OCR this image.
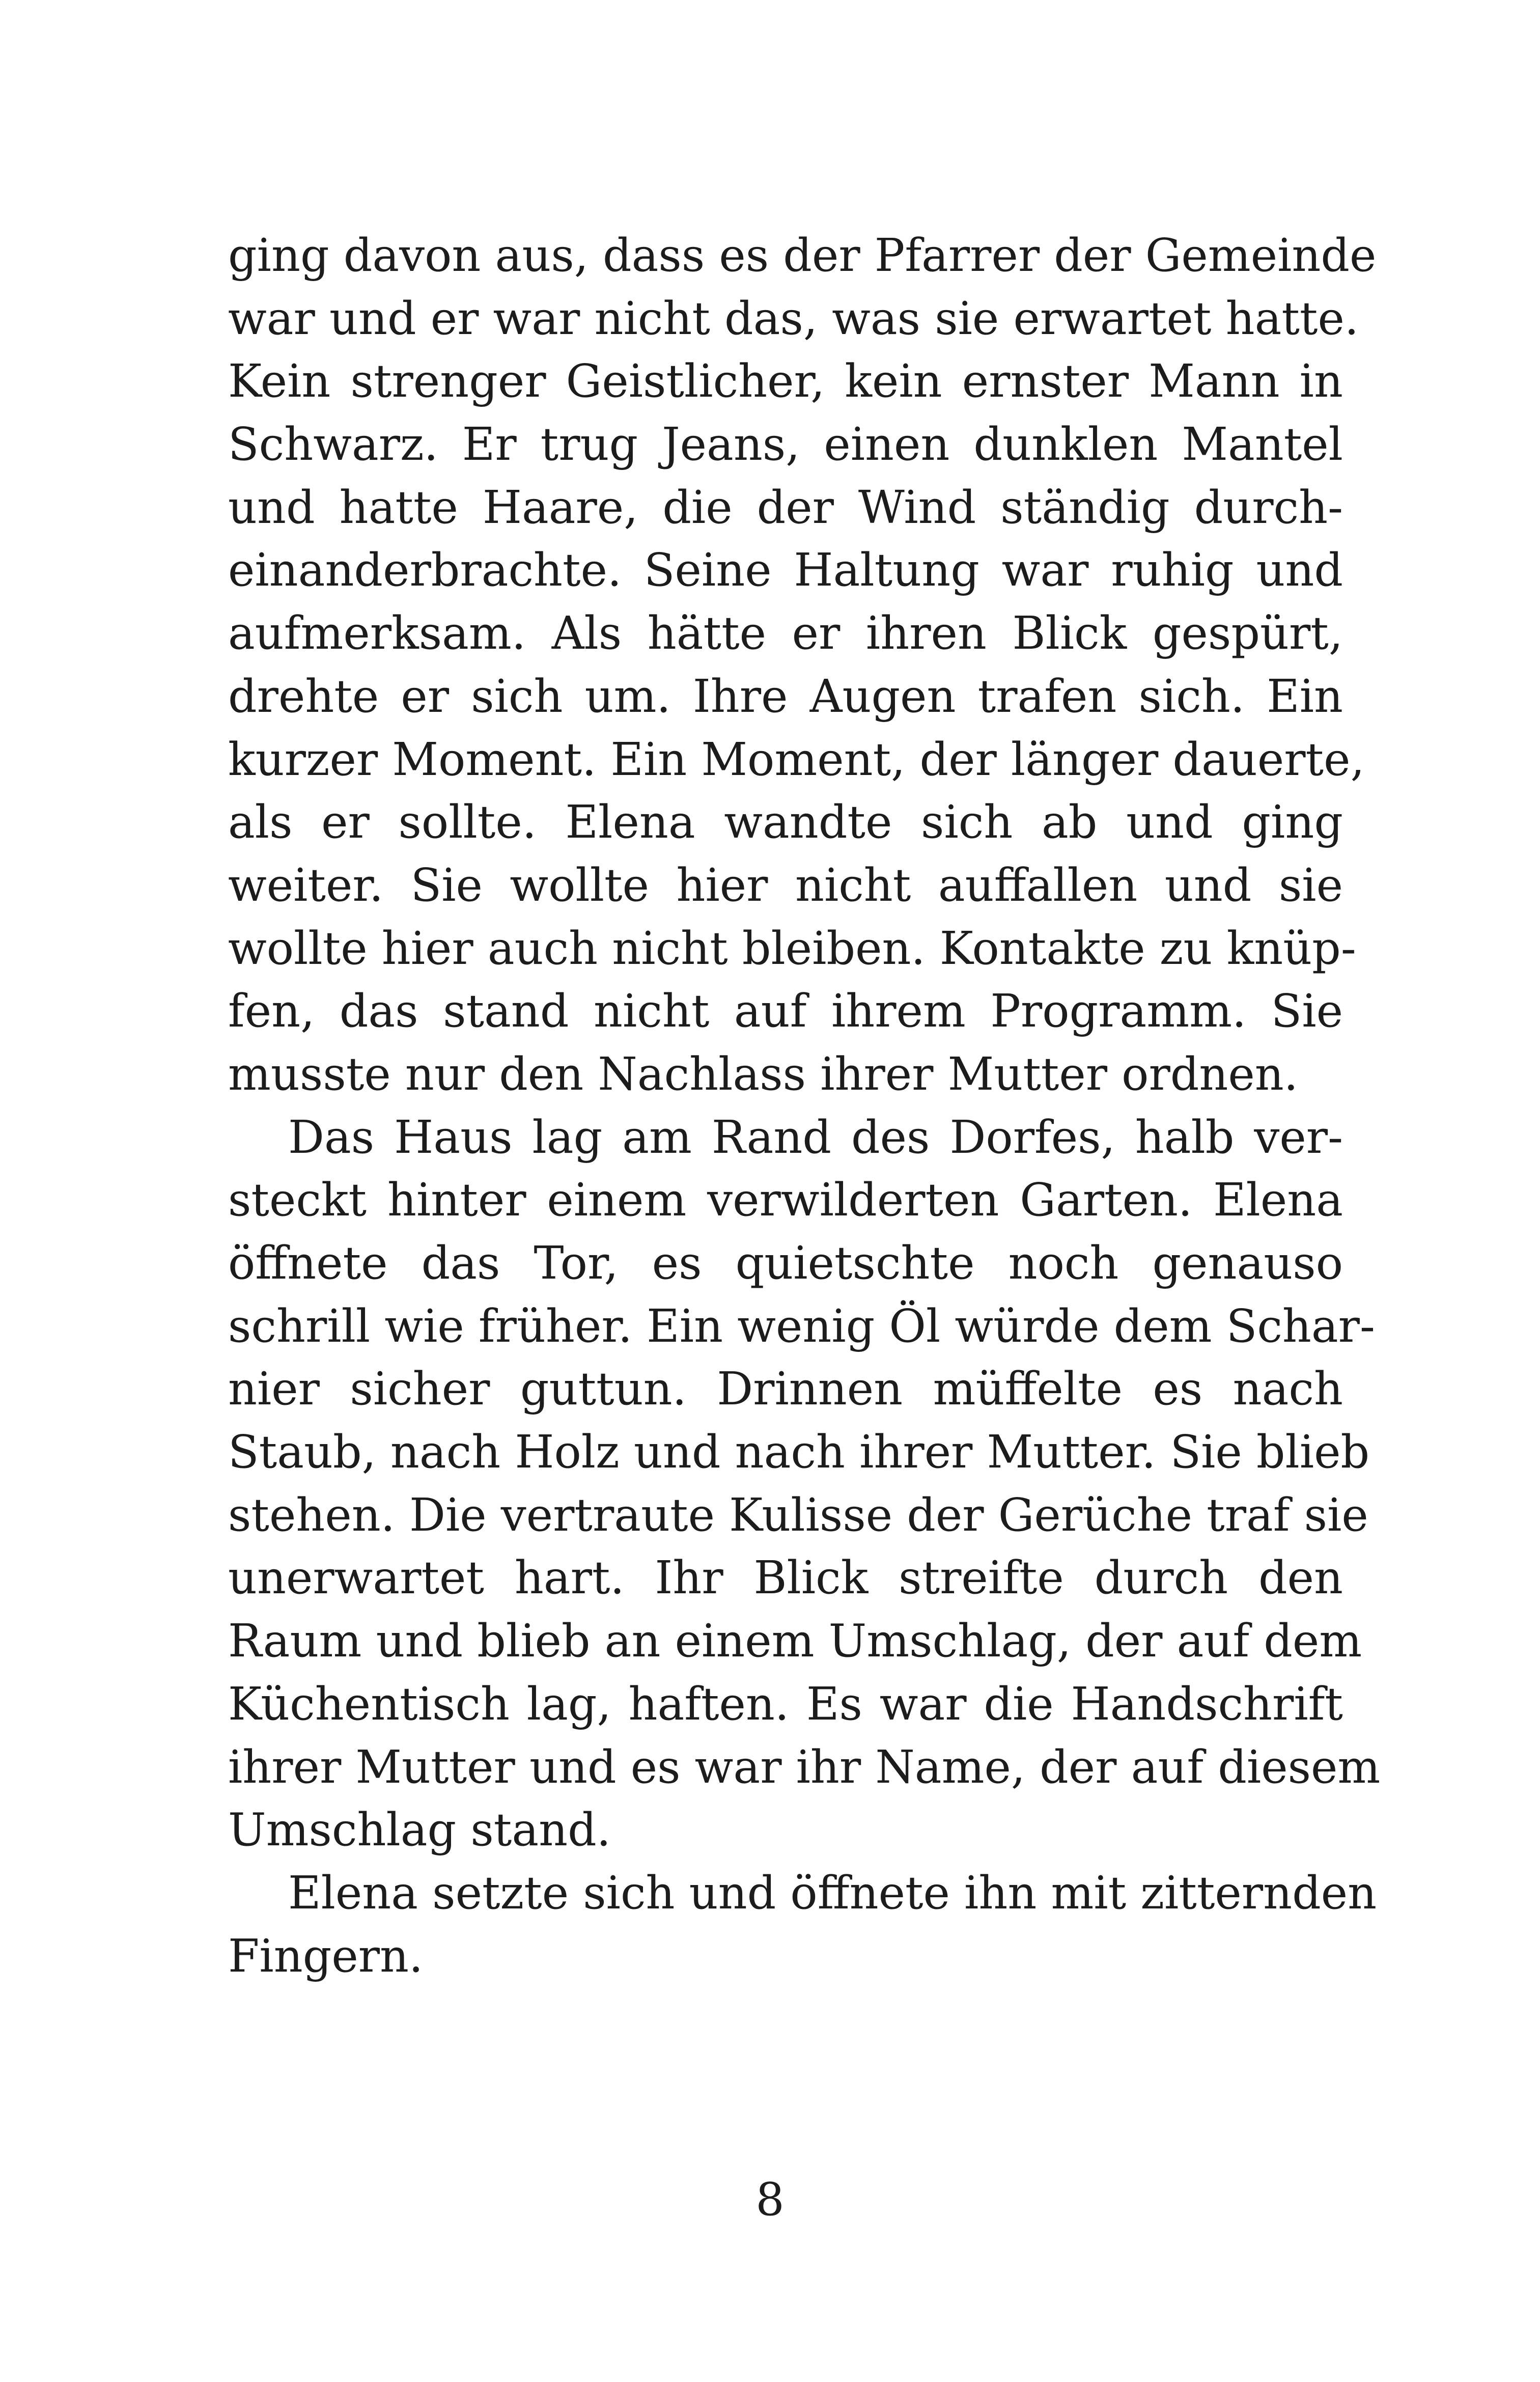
ging davon aus, dass es der Pfarrer der Gemeinde
war und er war nicht das, was sie erwartet hatte.
Kein strenger Geistlicher, kein ernster Mann in
Schwarz. Er trug Jeans, einen dunklen Mantel
und hatte Haare, die der Wind ständig durch-
einanderbrachte. Seine Haltung war ruhig und
aufmerksam. Als hätte er ihren Blick gespürt,
drehte er sich um. Ihre Augen trafen sich. Ein
kurzer Moment. Ein Moment, der länger dauerte,
als er sollte. Elena wandte sich ab und ging
weiter. Sie wollte hier nicht auffallen und sie
wollte hier auch nicht bleiben. Kontakte zu knüp-
fen, das stand nicht auf ihrem Programm. Sie
musste nur den Nachlass ihrer Mutter ordnen.
Das Haus lag am Rand des Dorfes, halb ver-
steckt hinter einem verwilderten Garten. Elena
öffnete das Tor, es quietschte noch genauso
schrill wie früher. Ein wenig Öl würde dem Schar-
nier sicher guttun. Drinnen müffelte es nach
Staub, nach Holz und nach ihrer Mutter. Sie blieb
stehen. Die vertraute Kulisse der Gerüche traf sie
unerwartet hart. Ihr Blick streifte durch den
Raum und blieb an einem Umschlag, der auf dem
Küchentisch lag, haften. Es war die Handschrift
ihrer Mutter und es war ihr Name, der auf diesem
Umschlag stand.
Elena setzte sich und öffnete ihn mit zitternden
Fingern.
8
